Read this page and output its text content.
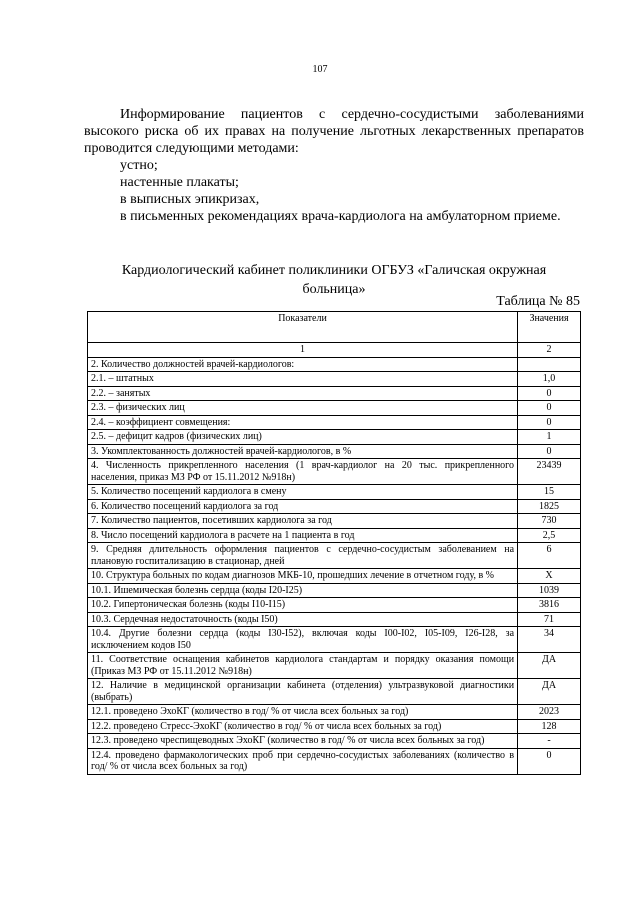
107

Информирование пациентов с сердечно-сосудистыми заболеваниями высокого риска об их правах на получение льготных лекарственных препаратов проводится следующими методами:

устно;

настенные плакаты;

в выписных эпикризах,

в письменных рекомендациях врача-кардиолога на амбулаторном приеме.

Кардиологический кабинет поликлиники ОГБУЗ «Галичская окружная
больница»
Таблица № 85
Показатели	Значения
1	2
2. Количество должностей врачей-кардиологов:	
2.1. – штатных	1,0
2.2. – занятых	0
2.3. – физических лиц	0
2.4. – коэффициент совмещения:	0
2.5. – дефицит кадров (физических лиц)	1
3. Укомплектованность должностей врачей-кардиологов, в %	0
4. Численность прикрепленного населения (1 врач-кардиолог на 20 тыс. прикрепленного населения, приказ МЗ РФ от 15.11.2012 №918н)	23439
5. Количество посещений кардиолога в смену	15
6. Количество посещений кардиолога за год	1825
7. Количество пациентов, посетивших кардиолога за год	730
8. Число посещений кардиолога в расчете на 1 пациента в год	2,5
9. Средняя длительность оформления пациентов с сердечно-сосудистым заболеванием на плановую госпитализацию в стационар, дней	6
10. Структура больных по кодам диагнозов МКБ-10, прошедших лечение в отчетном году, в %	X
10.1. Ишемическая болезнь сердца (коды I20-I25)	1039
10.2. Гипертоническая болезнь (коды I10-I15)	3816
10.3. Сердечная недостаточность (коды I50)	71
10.4. Другие болезни сердца (коды I30-I52), включая коды I00-I02, I05-I09, I26-I28, за исключением кодов I50	34
11. Соответствие оснащения кабинетов кардиолога стандартам и порядку оказания помощи (Приказ МЗ РФ от 15.11.2012 №918н)	ДА
12. Наличие в медицинской организации кабинета (отделения) ультразвуковой диагностики (выбрать)	ДА
12.1. проведено ЭхоКГ (количество в год/ % от числа всех больных за год)	2023
12.2. проведено Стресс-ЭхоКГ (количество в год/ % от числа всех больных за год)	128
12.3. проведено чреспищеводных ЭхоКГ (количество в год/ % от числа всех больных за год)	-
12.4. проведено фармакологических проб при сердечно-сосудистых заболеваниях (количество в год/ % от числа всех больных за год)	0
